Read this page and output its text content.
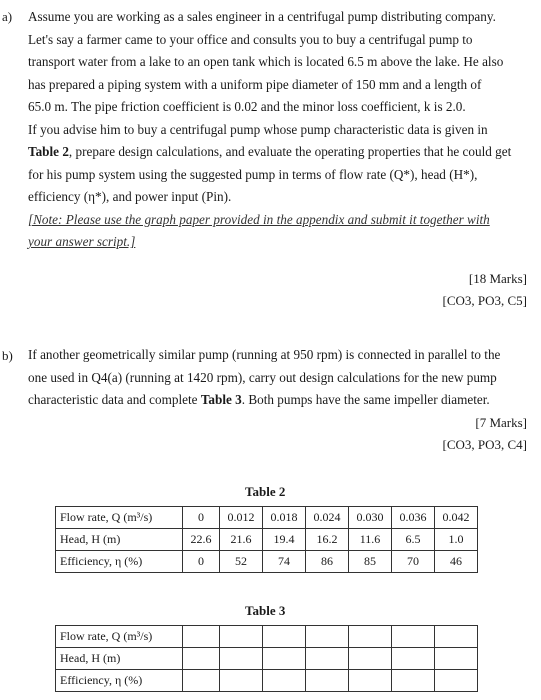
a) Assume you are working as a sales engineer in a centrifugal pump distributing company.

Let's say a farmer came to your office and consults you to buy a centrifugal pump to

transport water from a lake to an open tank which is located 6.5 m above the lake. He also

has prepared a piping system with a uniform pipe diameter of 150 mm and a length of

65.0 m. The pipe friction coefficient is 0.02 and the minor loss coefficient, k is 2.0.

If you advise him to buy a centrifugal pump whose pump characteristic data is given in

Table 2, prepare design calculations, and evaluate the operating properties that he could get

for his pump system using the suggested pump in terms of flow rate (Q*), head (H*),

efficiency (η*), and power input (Pin).

[Note: Please use the graph paper provided in the appendix and submit it together with

your answer script.]

[18 Marks]
[CO3, PO3, C5]
b) If another geometrically similar pump (running at 950 rpm) is connected in parallel to the

one used in Q4(a) (running at 1420 rpm), carry out design calculations for the new pump

characteristic data and complete Table 3. Both pumps have the same impeller diameter.

[7 Marks]
[CO3, PO3, C4]
Table 2
Flow rate, Q (m³/s)	0	0.012	0.018	0.024	0.030	0.036	0.042
Head, H (m)	22.6	21.6	19.4	16.2	11.6	6.5	1.0
Efficiency, η (%)	0	52	74	86	85	70	46
Table 3
Flow rate, Q (m³/s)							
Head, H (m)							
Efficiency, η (%)							
